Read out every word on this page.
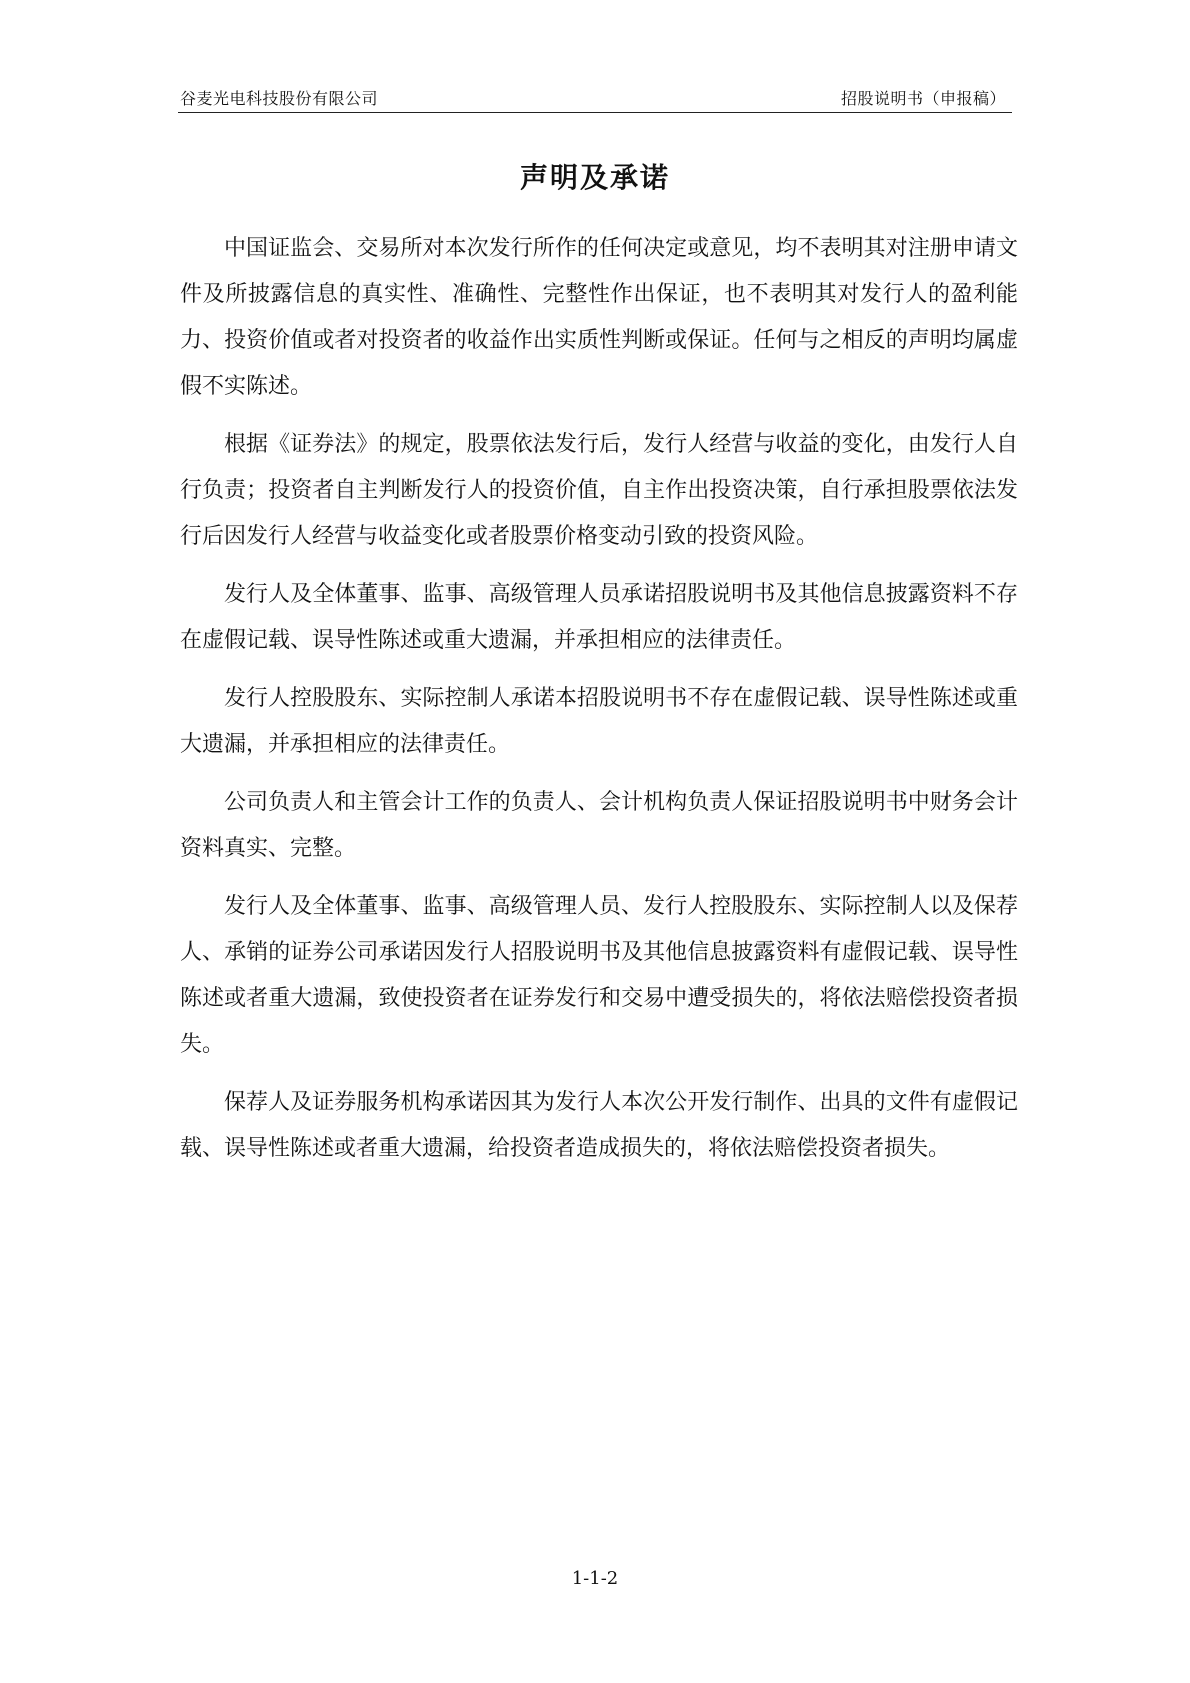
谷麦光电科技股份有限公司	招股说明书（申报稿）
声明及承诺

中国证监会、交易所对本次发行所作的任何决定或意见，均不表明其对注册申请文件及所披露信息的真实性、准确性、完整性作出保证，也不表明其对发行人的盈利能力、投资价值或者对投资者的收益作出实质性判断或保证。任何与之相反的声明均属虚假不实陈述。

根据《证券法》的规定，股票依法发行后，发行人经营与收益的变化，由发行人自行负责；投资者自主判断发行人的投资价值，自主作出投资决策，自行承担股票依法发行后因发行人经营与收益变化或者股票价格变动引致的投资风险。

发行人及全体董事、监事、高级管理人员承诺招股说明书及其他信息披露资料不存在虚假记载、误导性陈述或重大遗漏，并承担相应的法律责任。

发行人控股股东、实际控制人承诺本招股说明书不存在虚假记载、误导性陈述或重大遗漏，并承担相应的法律责任。

公司负责人和主管会计工作的负责人、会计机构负责人保证招股说明书中财务会计资料真实、完整。

发行人及全体董事、监事、高级管理人员、发行人控股股东、实际控制人以及保荐人、承销的证券公司承诺因发行人招股说明书及其他信息披露资料有虚假记载、误导性陈述或者重大遗漏，致使投资者在证券发行和交易中遭受损失的，将依法赔偿投资者损失。

保荐人及证券服务机构承诺因其为发行人本次公开发行制作、出具的文件有虚假记载、误导性陈述或者重大遗漏，给投资者造成损失的，将依法赔偿投资者损失。

1-1-2
